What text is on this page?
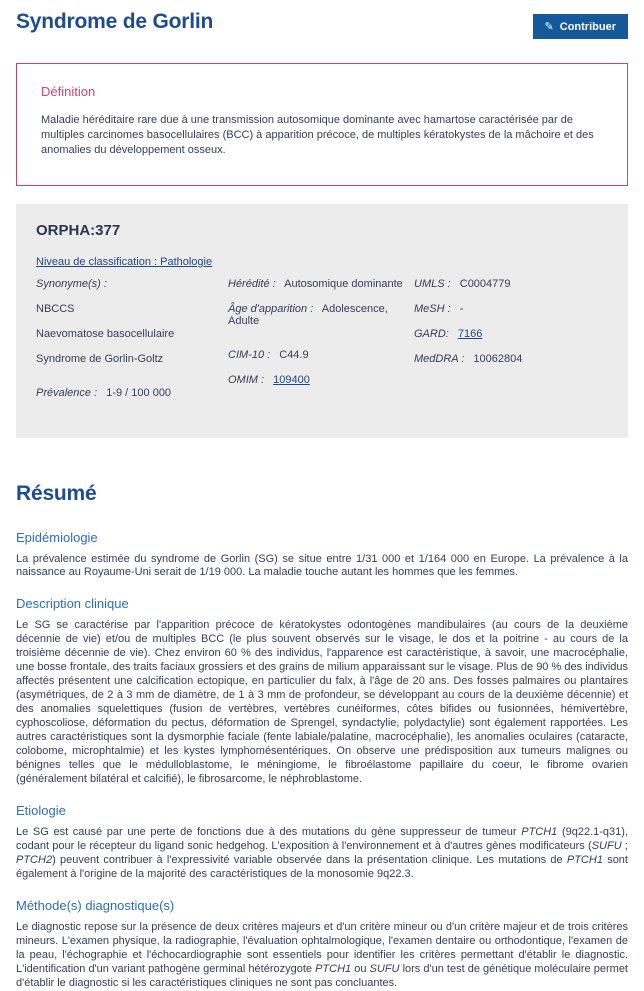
Syndrome de Gorlin	✎ Contribuer
Définition

Maladie héréditaire rare due à une transmission autosomique dominante avec hamartose caractérisée par de multiples carcinomes basocellulaires (BCC) à apparition précoce, de multiples kératokystes de la mâchoire et des anomalies du développement osseux.

ORPHA:377
Niveau de classification : Pathologie
Synonyme(s) :
NBCCS
Naevomatose basocellulaire
Syndrome de Gorlin-Goltz
Prévalence : 1-9 / 100 000
Hérédité : Autosomique dominante
Âge d'apparition : Adolescence, Adulte
CIM-10 : C44.9
OMIM : 109400
UMLS : C0004779
MeSH : -
GARD: 7166
MedDRA : 10062804
Résumé
Epidémiologie

La prévalence estimée du syndrome de Gorlin (SG) se situe entre 1/31 000 et 1/164 000 en Europe. La prévalence à la naissance au Royaume-Uni serait de 1/19 000. La maladie touche autant les hommes que les femmes.

Description clinique

Le SG se caractérise par l'apparition précoce de kératokystes odontogènes mandibulaires (au cours de la deuxième décennie de vie) et/ou de multiples BCC (le plus souvent observés sur le visage, le dos et la poitrine - au cours de la troisième décennie de vie). Chez environ 60 % des individus, l'apparence est caractéristique, à savoir, une macrocéphalie, une bosse frontale, des traits faciaux grossiers et des grains de milium apparaissant sur le visage. Plus de 90 % des individus affectés présentent une calcification ectopique, en particulier du falx, à l'âge de 20 ans. Des fosses palmaires ou plantaires (asymétriques, de 2 à 3 mm de diamètre, de 1 à 3 mm de profondeur, se développant au cours de la deuxième décennie) et des anomalies squelettiques (fusion de vertèbres, vertèbres cunéiformes, côtes bifides ou fusionnées, hémivertèbre, cyphoscoliose, déformation du pectus, déformation de Sprengel, syndactylie, polydactylie) sont également rapportées. Les autres caractéristiques sont la dysmorphie faciale (fente labiale/palatine, macrocéphalie), les anomalies oculaires (cataracte, colobome, microphtalmie) et les kystes lymphomésentériques. On observe une prédisposition aux tumeurs malignes ou bénignes telles que le médulloblastome, le méningiome, le fibroélastome papillaire du coeur, le fibrome ovarien (généralement bilatéral et calcifié), le fibrosarcome, le néphroblastome.

Etiologie

Le SG est causé par une perte de fonctions due à des mutations du gène suppresseur de tumeur PTCH1 (9q22.1-q31), codant pour le récepteur du ligand sonic hedgehog. L'exposition à l'environnement et à d'autres gènes modificateurs (SUFU ; PTCH2) peuvent contribuer à l'expressivité variable observée dans la présentation clinique. Les mutations de PTCH1 sont également à l'origine de la majorité des caractéristiques de la monosomie 9q22.3.

Méthode(s) diagnostique(s)

Le diagnostic repose sur la présence de deux critères majeurs et d'un critère mineur ou d'un critère majeur et de trois critères mineurs. L'examen physique, la radiographie, l'évaluation ophtalmologique, l'examen dentaire ou orthodontique, l'examen de la peau, l'échographie et l'échocardiographie sont essentiels pour identifier les critères permettant d'établir le diagnostic. L'identification d'un variant pathogène germinal hétérozygote PTCH1 ou SUFU lors d'un test de génétique moléculaire permet d'établir le diagnostic si les caractéristiques cliniques ne sont pas concluantes.
